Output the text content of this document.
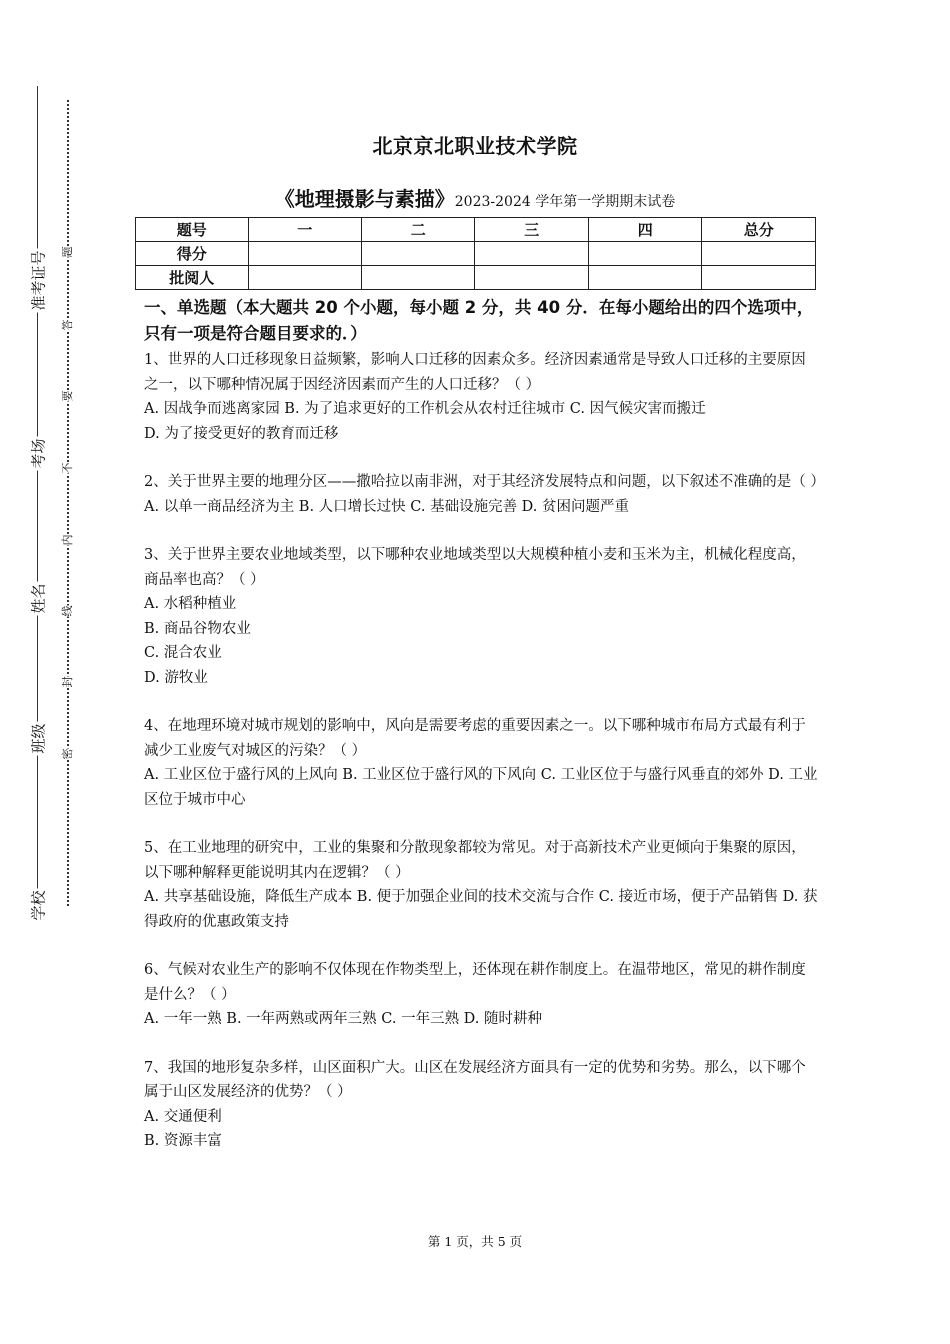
准考证号
考场
姓名
班级
学校
题
答
要
不
内
线
封
密
北京京北职业技术学院
《地理摄影与素描》2023-2024 学年第一学期期末试卷
题号	一	二	三	四	总分
得分					
批阅人					
一、单选题（本大题共 20 个小题，每小题 2 分，共 40 分．在每小题给出的四个选项中，只有一项是符合题目要求的．）
1、世界的人口迁移现象日益频繁，影响人口迁移的因素众多。经济因素通常是导致人口迁移的主要原因之一，以下哪种情况属于因经济因素而产生的人口迁移？（ ）
A. 因战争而逃离家园 B. 为了追求更好的工作机会从农村迁往城市 C. 因气候灾害而搬迁
D. 为了接受更好的教育而迁移
2、关于世界主要的地理分区——撒哈拉以南非洲，对于其经济发展特点和问题，以下叙述不准确的是（ ）
A. 以单一商品经济为主 B. 人口增长过快 C. 基础设施完善 D. 贫困问题严重
3、关于世界主要农业地域类型，以下哪种农业地域类型以大规模种植小麦和玉米为主，机械化程度高，商品率也高？（ ）
A. 水稻种植业
B. 商品谷物农业
C. 混合农业
D. 游牧业
4、在地理环境对城市规划的影响中，风向是需要考虑的重要因素之一。以下哪种城市布局方式最有利于减少工业废气对城区的污染？（ ）
A. 工业区位于盛行风的上风向 B. 工业区位于盛行风的下风向 C. 工业区位于与盛行风垂直的郊外 D. 工业区位于城市中心
5、在工业地理的研究中，工业的集聚和分散现象都较为常见。对于高新技术产业更倾向于集聚的原因，以下哪种解释更能说明其内在逻辑？（ ）
A. 共享基础设施，降低生产成本 B. 便于加强企业间的技术交流与合作 C. 接近市场，便于产品销售 D. 获得政府的优惠政策支持
6、气候对农业生产的影响不仅体现在作物类型上，还体现在耕作制度上。在温带地区，常见的耕作制度是什么？（ ）
A. 一年一熟 B. 一年两熟或两年三熟 C. 一年三熟 D. 随时耕种
7、我国的地形复杂多样，山区面积广大。山区在发展经济方面具有一定的优势和劣势。那么，以下哪个属于山区发展经济的优势？（ ）
A. 交通便利
B. 资源丰富
第 1 页，共 5 页
